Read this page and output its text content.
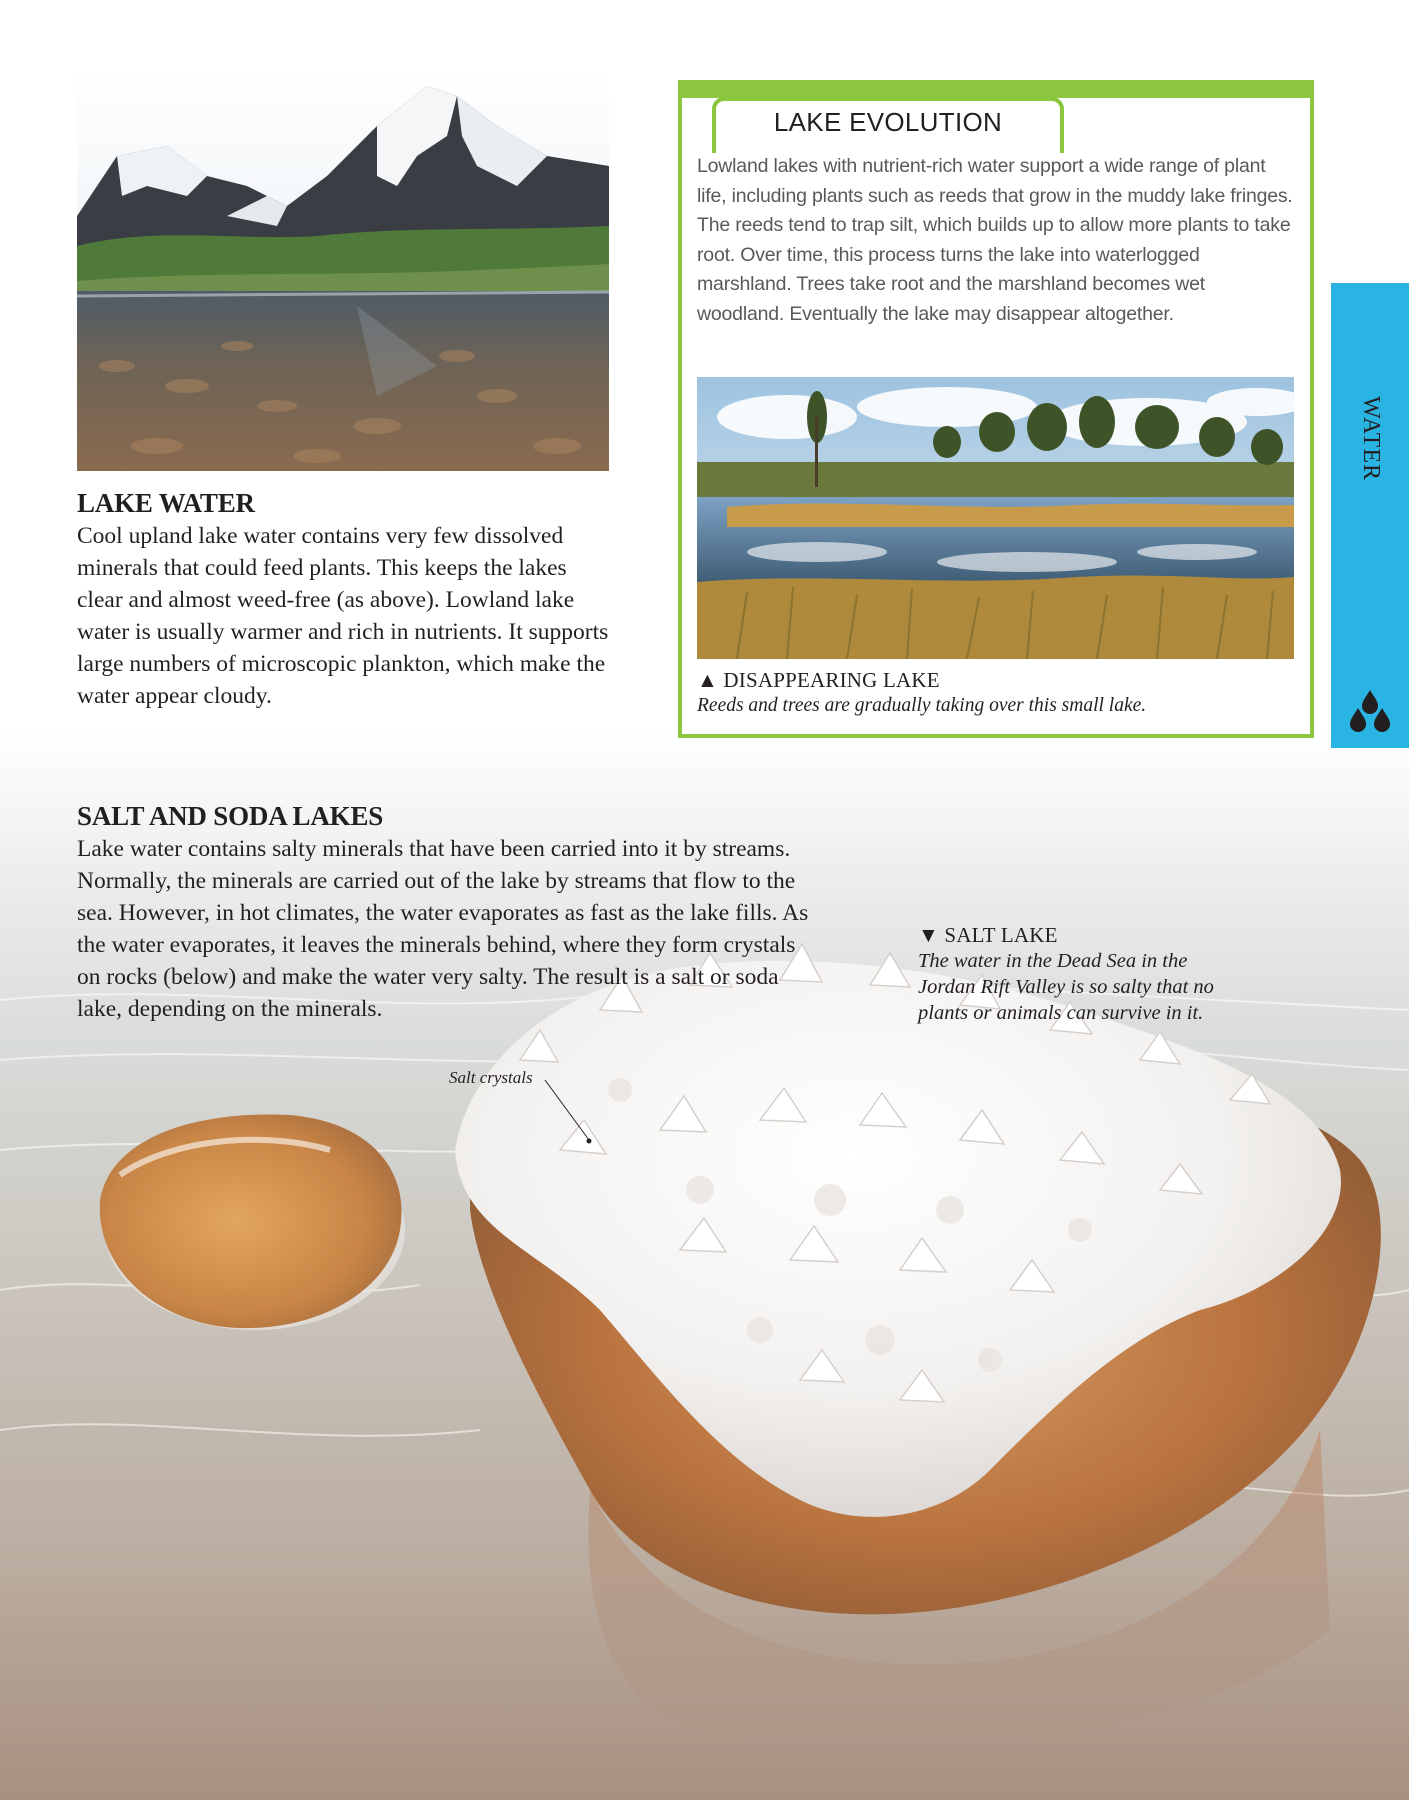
LAKE WATER

Cool upland lake water contains very few dissolved minerals that could feed plants. This keeps the lakes clear and almost weed-free (as above). Lowland lake water is usually warmer and rich in nutrients. It supports large numbers of microscopic plankton, which make the water appear cloudy.

LAKE EVOLUTION

Lowland lakes with nutrient-rich water support a wide range of plant life, including plants such as reeds that grow in the muddy lake fringes. The reeds tend to trap silt, which builds up to allow more plants to take root. Over time, this process turns the lake into waterlogged marshland. Trees take root and the marshland becomes wet woodland. Eventually the lake may disappear altogether.

▲ DISAPPEARING LAKE

Reeds and trees are gradually taking over this small lake.

WATER
SALT AND SODA LAKES

Lake water contains salty minerals that have been carried into it by streams. Normally, the minerals are carried out of the lake by streams that flow to the sea. However, in hot climates, the water evaporates as fast as the lake fills. As the water evaporates, it leaves the minerals behind, where they form crystals on rocks (below) and make the water very salty. The result is a salt or soda lake, depending on the minerals.

▼ SALT LAKE

The water in the Dead Sea in the Jordan Rift Valley is so salty that no plants or animals can survive in it.

Salt crystals
